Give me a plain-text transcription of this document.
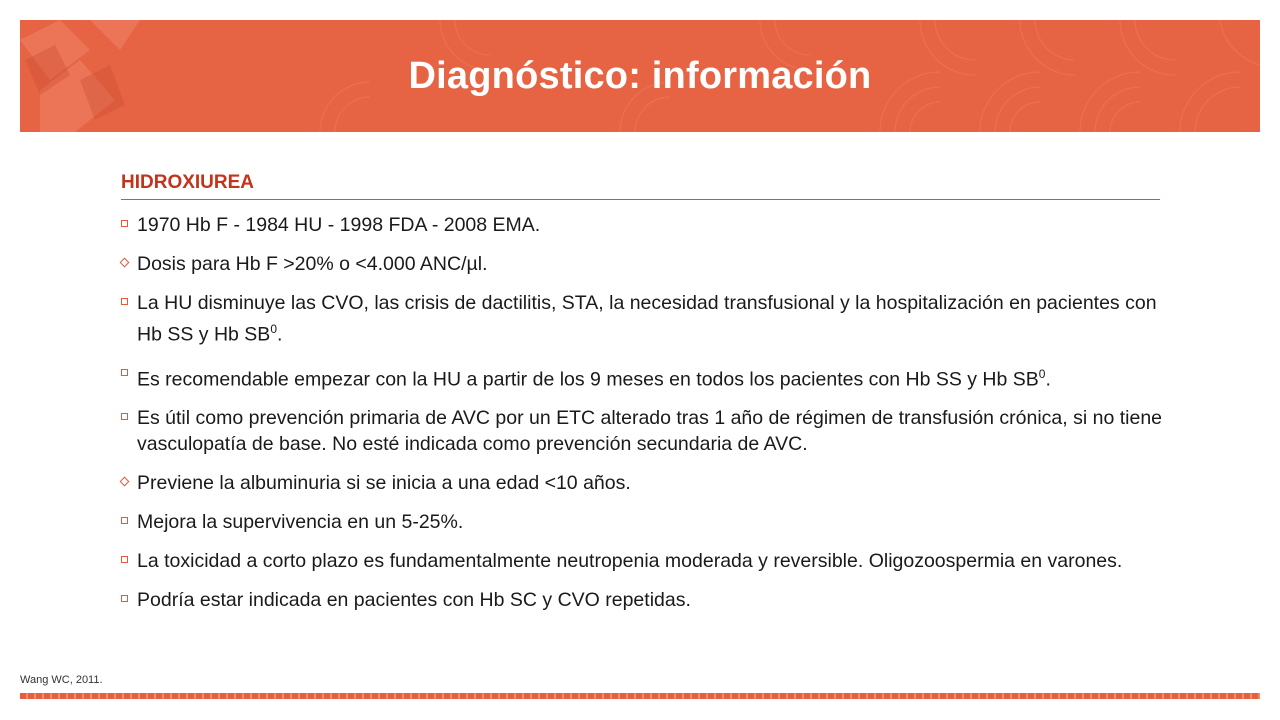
Diagnóstico: información
HIDROXIUREA
1970 Hb F - 1984 HU - 1998 FDA - 2008 EMA.
Dosis para Hb F >20% o <4.000 ANC/µl.
La HU disminuye las CVO, las crisis de dactilitis, STA, la necesidad transfusional y la hospitalización en pacientes con Hb SS y Hb $SB^0$.
Es recomendable empezar con la HU a partir de los 9 meses en todos los pacientes con Hb SS y Hb $SB^0$.
Es útil como prevención primaria de AVC por un ETC alterado tras 1 año de régimen de transfusión crónica, si no tiene vasculopatía de base. No esté indicada como prevención secundaria de AVC.
Previene la albuminuria si se inicia a una edad <10 años.
Mejora la supervivencia en un 5-25%.
La toxicidad a corto plazo es fundamentalmente neutropenia moderada y reversible. Oligozoospermia en varones.
Podría estar indicada en pacientes con Hb SC y CVO repetidas.
Wang WC, 2011.
